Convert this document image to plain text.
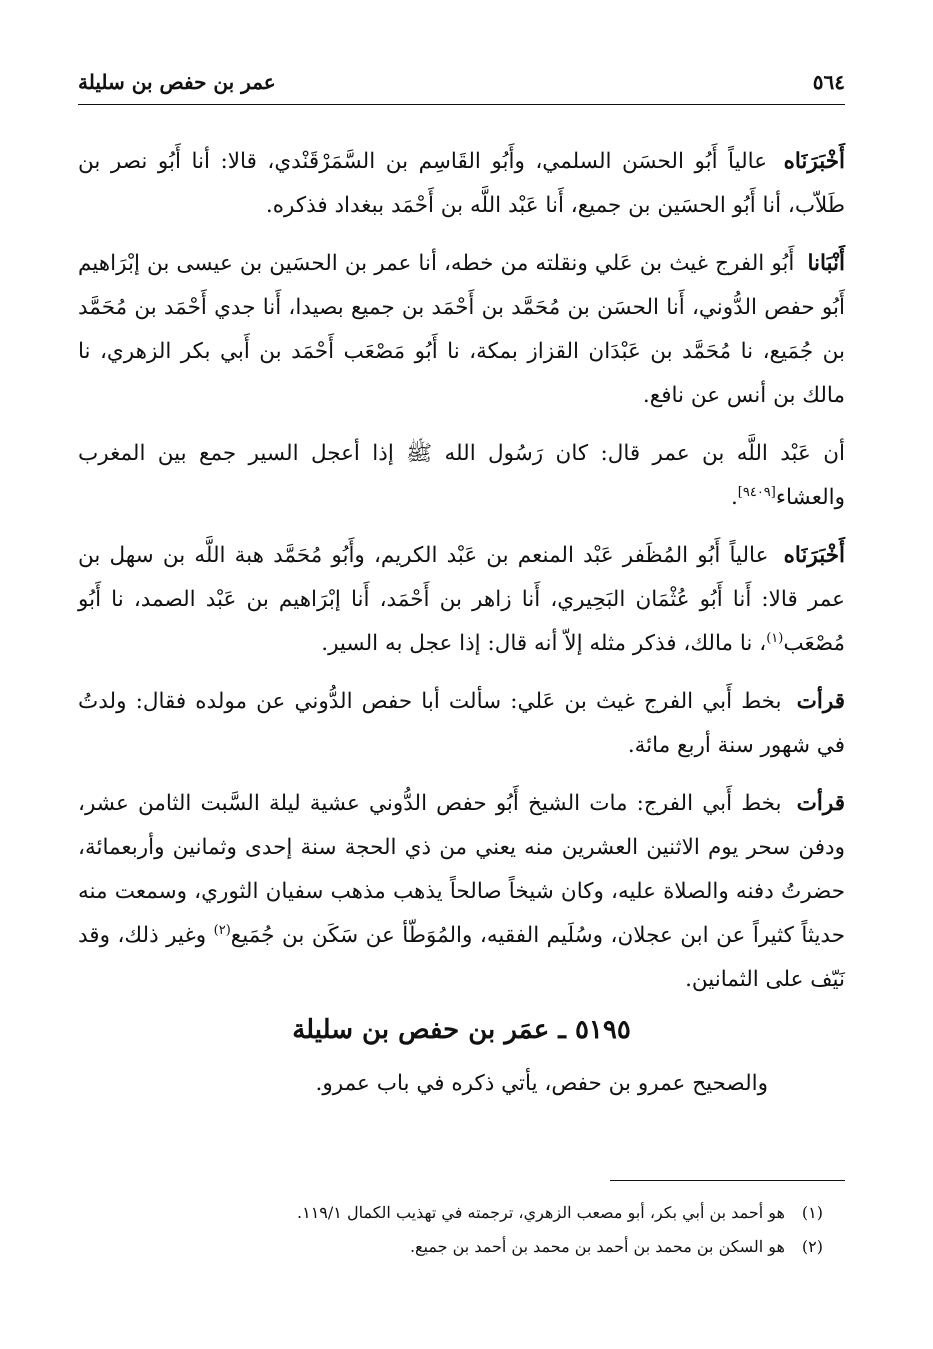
٥٦٤
عمر بن حفص بن سليلة

أَخْبَرَنَاه عالياً أَبُو الحسَن السلمي، وأَبُو القَاسِم بن السَّمَرْقَنْدي، قالا: أنا أَبُو نصر بن طَلاّب، أنا أَبُو الحسَين بن جميع، أَنا عَبْد اللَّه بن أَحْمَد ببغداد فذكره.

أَنْبَانا أَبُو الفرج غيث بن عَلي ونقلته من خطه، أنا عمر بن الحسَين بن عيسى بن إبْرَاهيم أَبُو حفص الدُّوني، أَنا الحسَن بن مُحَمَّد بن أَحْمَد بن جميع بصيدا، أَنا جدي أَحْمَد بن مُحَمَّد بن جُمَيع، نا مُحَمَّد بن عَبْدَان القزاز بمكة، نا أَبُو مَصْعَب أَحْمَد بن أَبي بكر الزهري، نا مالك بن أنس عن نافع.

أن عَبْد اللَّه بن عمر قال: كان رَسُول الله ﷺ إذا أعجل السير جمع بين المغرب والعشاء[٩٤٠٩].

أَخْبَرَنَاه عالياً أَبُو المُظَفر عَبْد المنعم بن عَبْد الكريم، وأَبُو مُحَمَّد هبة اللَّه بن سهل بن عمر قالا: أَنا أَبُو عُثْمَان البَحِيري، أَنا زاهر بن أَحْمَد، أَنا إبْرَاهيم بن عَبْد الصمد، نا أَبُو مُصْعَب$^{(١)}$، نا مالك، فذكر مثله إلاّ أنه قال: إذا عجل به السير.

قرأت بخط أَبي الفرج غيث بن عَلي: سألت أبا حفص الدُّوني عن مولده فقال: ولدتُ في شهور سنة أربع مائة.

قرأت بخط أَبي الفرج: مات الشيخ أَبُو حفص الدُّوني عشية ليلة السَّبت الثامن عشر، ودفن سحر يوم الاثنين العشرين منه يعني من ذي الحجة سنة إحدى وثمانين وأربعمائة، حضرتُ دفنه والصلاة عليه، وكان شيخاً صالحاً يذهب مذهب سفيان الثوري، وسمعت منه حديثاً كثيراً عن ابن عجلان، وسُلَيم الفقيه، والمُوَطّأ عن سَكَن بن جُمَيع$^{(٢)}$ وغير ذلك، وقد نَيّف على الثمانين.

٥١٩٥ ـ عمَر بن حفص بن سليلة
والصحيح عمرو بن حفص، يأتي ذكره في باب عمرو.
(١)
هو أحمد بن أبي بكر، أبو مصعب الزهري، ترجمته في تهذيب الكمال ١١٩/١.
(٢)
هو السكن بن محمد بن أحمد بن محمد بن أحمد بن جميع.
